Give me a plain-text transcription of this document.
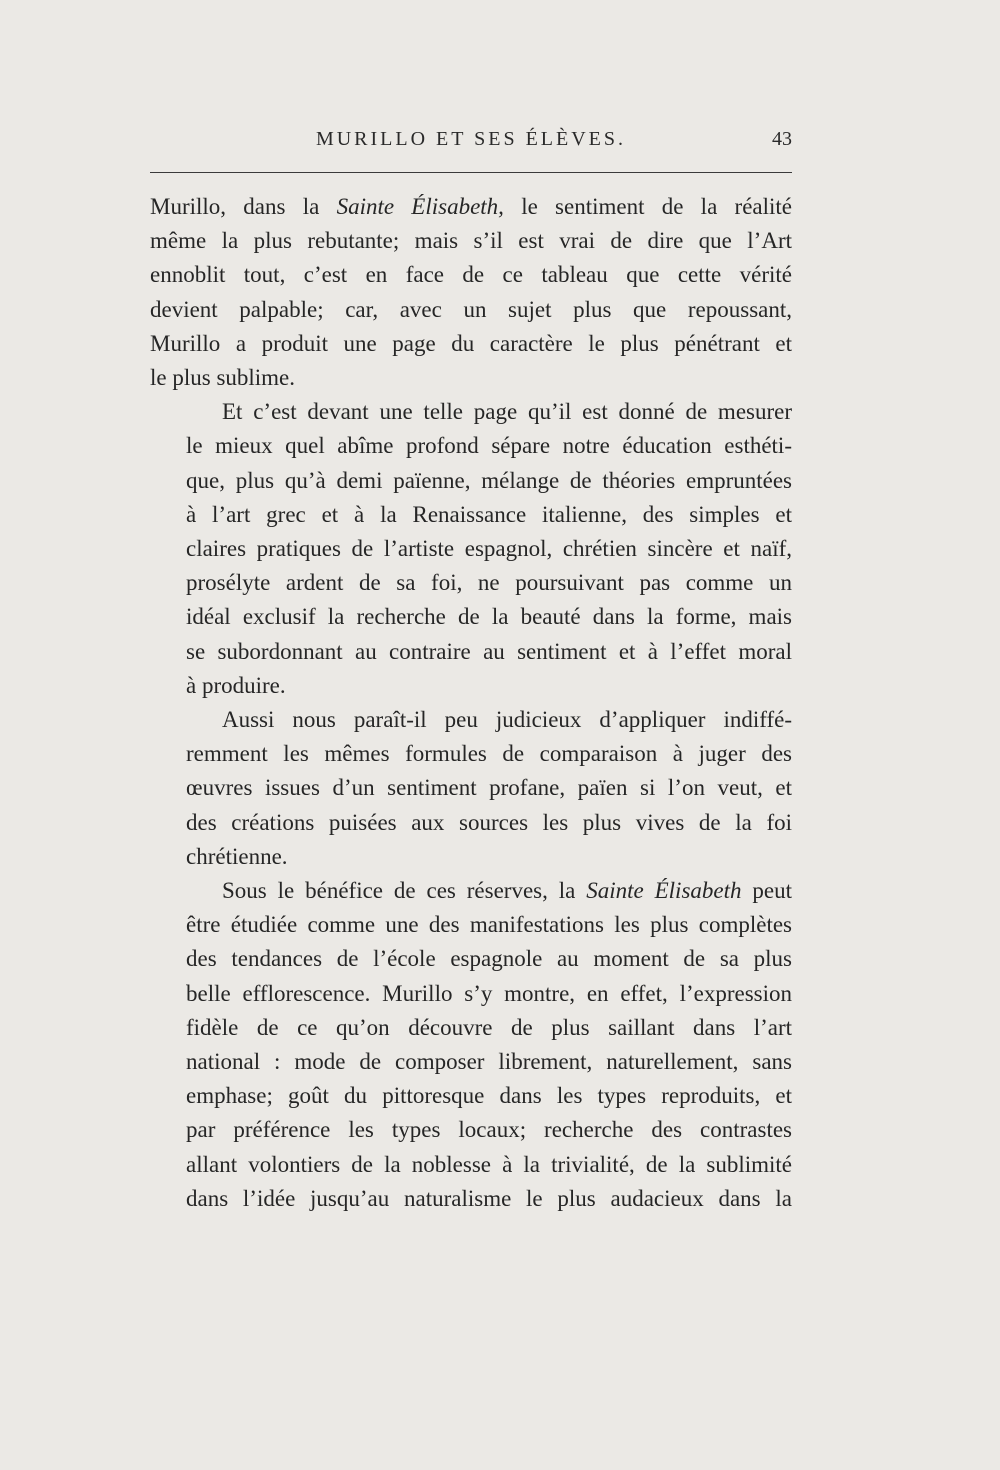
MURILLO ET SES ÉLÈVES.	43

Murillo, dans la Sainte Élisabeth, le sentiment de la réalité
même la plus rebutante; mais s’il est vrai de dire que l’Art
ennoblit tout, c’est en face de ce tableau que cette vérité
devient palpable; car, avec un sujet plus que repoussant,
Murillo a produit une page du caractère le plus pénétrant et
le plus sublime.

Et c’est devant une telle page qu’il est donné de mesurer
le mieux quel abîme profond sépare notre éducation esthéti-
que, plus qu’à demi païenne, mélange de théories empruntées
à l’art grec et à la Renaissance italienne, des simples et
claires pratiques de l’artiste espagnol, chrétien sincère et naïf,
prosélyte ardent de sa foi, ne poursuivant pas comme un
idéal exclusif la recherche de la beauté dans la forme, mais
se subordonnant au contraire au sentiment et à l’effet moral
à produire.

Aussi nous paraît-il peu judicieux d’appliquer indiffé-
remment les mêmes formules de comparaison à juger des
œuvres issues d’un sentiment profane, païen si l’on veut, et
des créations puisées aux sources les plus vives de la foi
chrétienne.

Sous le bénéfice de ces réserves, la Sainte Élisabeth peut
être étudiée comme une des manifestations les plus complètes
des tendances de l’école espagnole au moment de sa plus
belle efflorescence. Murillo s’y montre, en effet, l’expression
fidèle de ce qu’on découvre de plus saillant dans l’art
national : mode de composer librement, naturellement, sans
emphase; goût du pittoresque dans les types reproduits, et
par préférence les types locaux; recherche des contrastes
allant volontiers de la noblesse à la trivialité, de la sublimité
dans l’idée jusqu’au naturalisme le plus audacieux dans la
